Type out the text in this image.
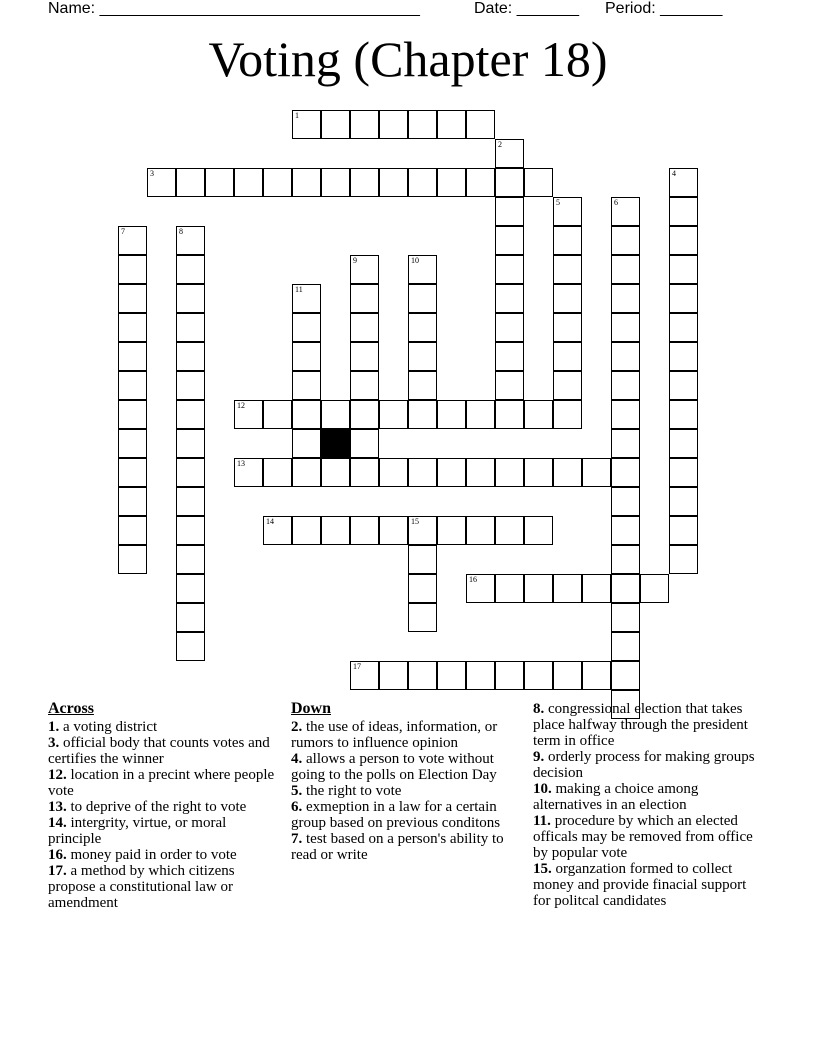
Name: ____________________________________	Date: _______ Period: _______
Voting (Chapter 18)
1
2
3	4
5	6
7	8
9	10
11
12
13
14	15
16
17
Across
1. a voting district
3. official body that counts votes and certifies the winner
12. location in a precint where people vote
13. to deprive of the right to vote
14. intergrity, virtue, or moral principle
16. money paid in order to vote
17. a method by which citizens propose a constitutional law or amendment
Down
2. the use of ideas, information, or rumors to influence opinion
4. allows a person to vote without going to the polls on Election Day
5. the right to vote
6. exmeption in a law for a certain group based on previous conditons
7. test based on a person's ability to read or write
8. congressional election that takes place halfway through the president term in office
9. orderly process for making groups decision
10. making a choice among alternatives in an election
11. procedure by which an elected officals may be removed from office by popular vote
15. organzation formed to collect money and provide finacial support for politcal candidates
